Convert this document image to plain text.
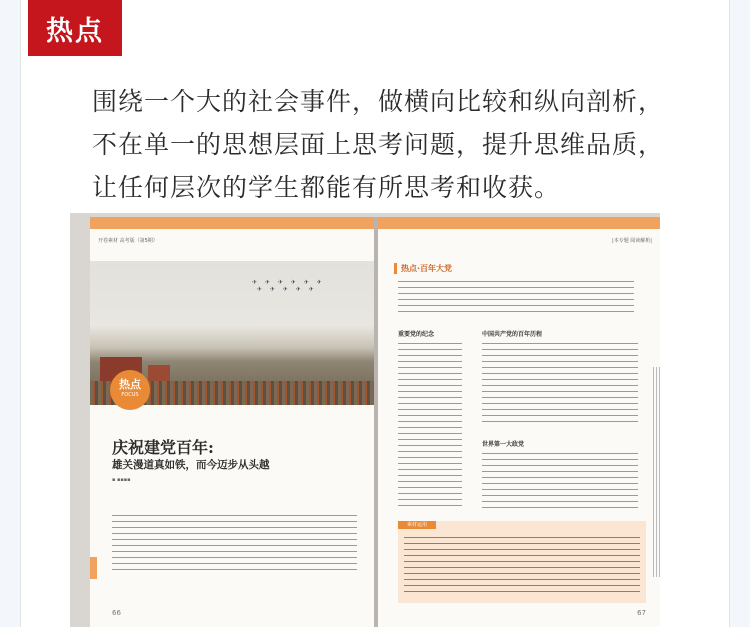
热点
围绕一个大的社会事件，做横向比较和纵向剖析，
不在单一的思想层面上思考问题，提升思维品质，
让任何层次的学生都能有所思考和收获。
开卷素材 高考版（第5期）
✈ ✈ ✈ ✈ ✈ ✈
✈ ✈ ✈ ✈ ✈
热点
FOCUS
庆祝建党百年:
雄关漫道真如铁，而今迈步从头越
▪ ▪▪▪▪
66
|本专题 阅读解析|
热点·百年大党
重要党的纪念	中国共产党的百年历程
世界第一大政党
素材运用
67
